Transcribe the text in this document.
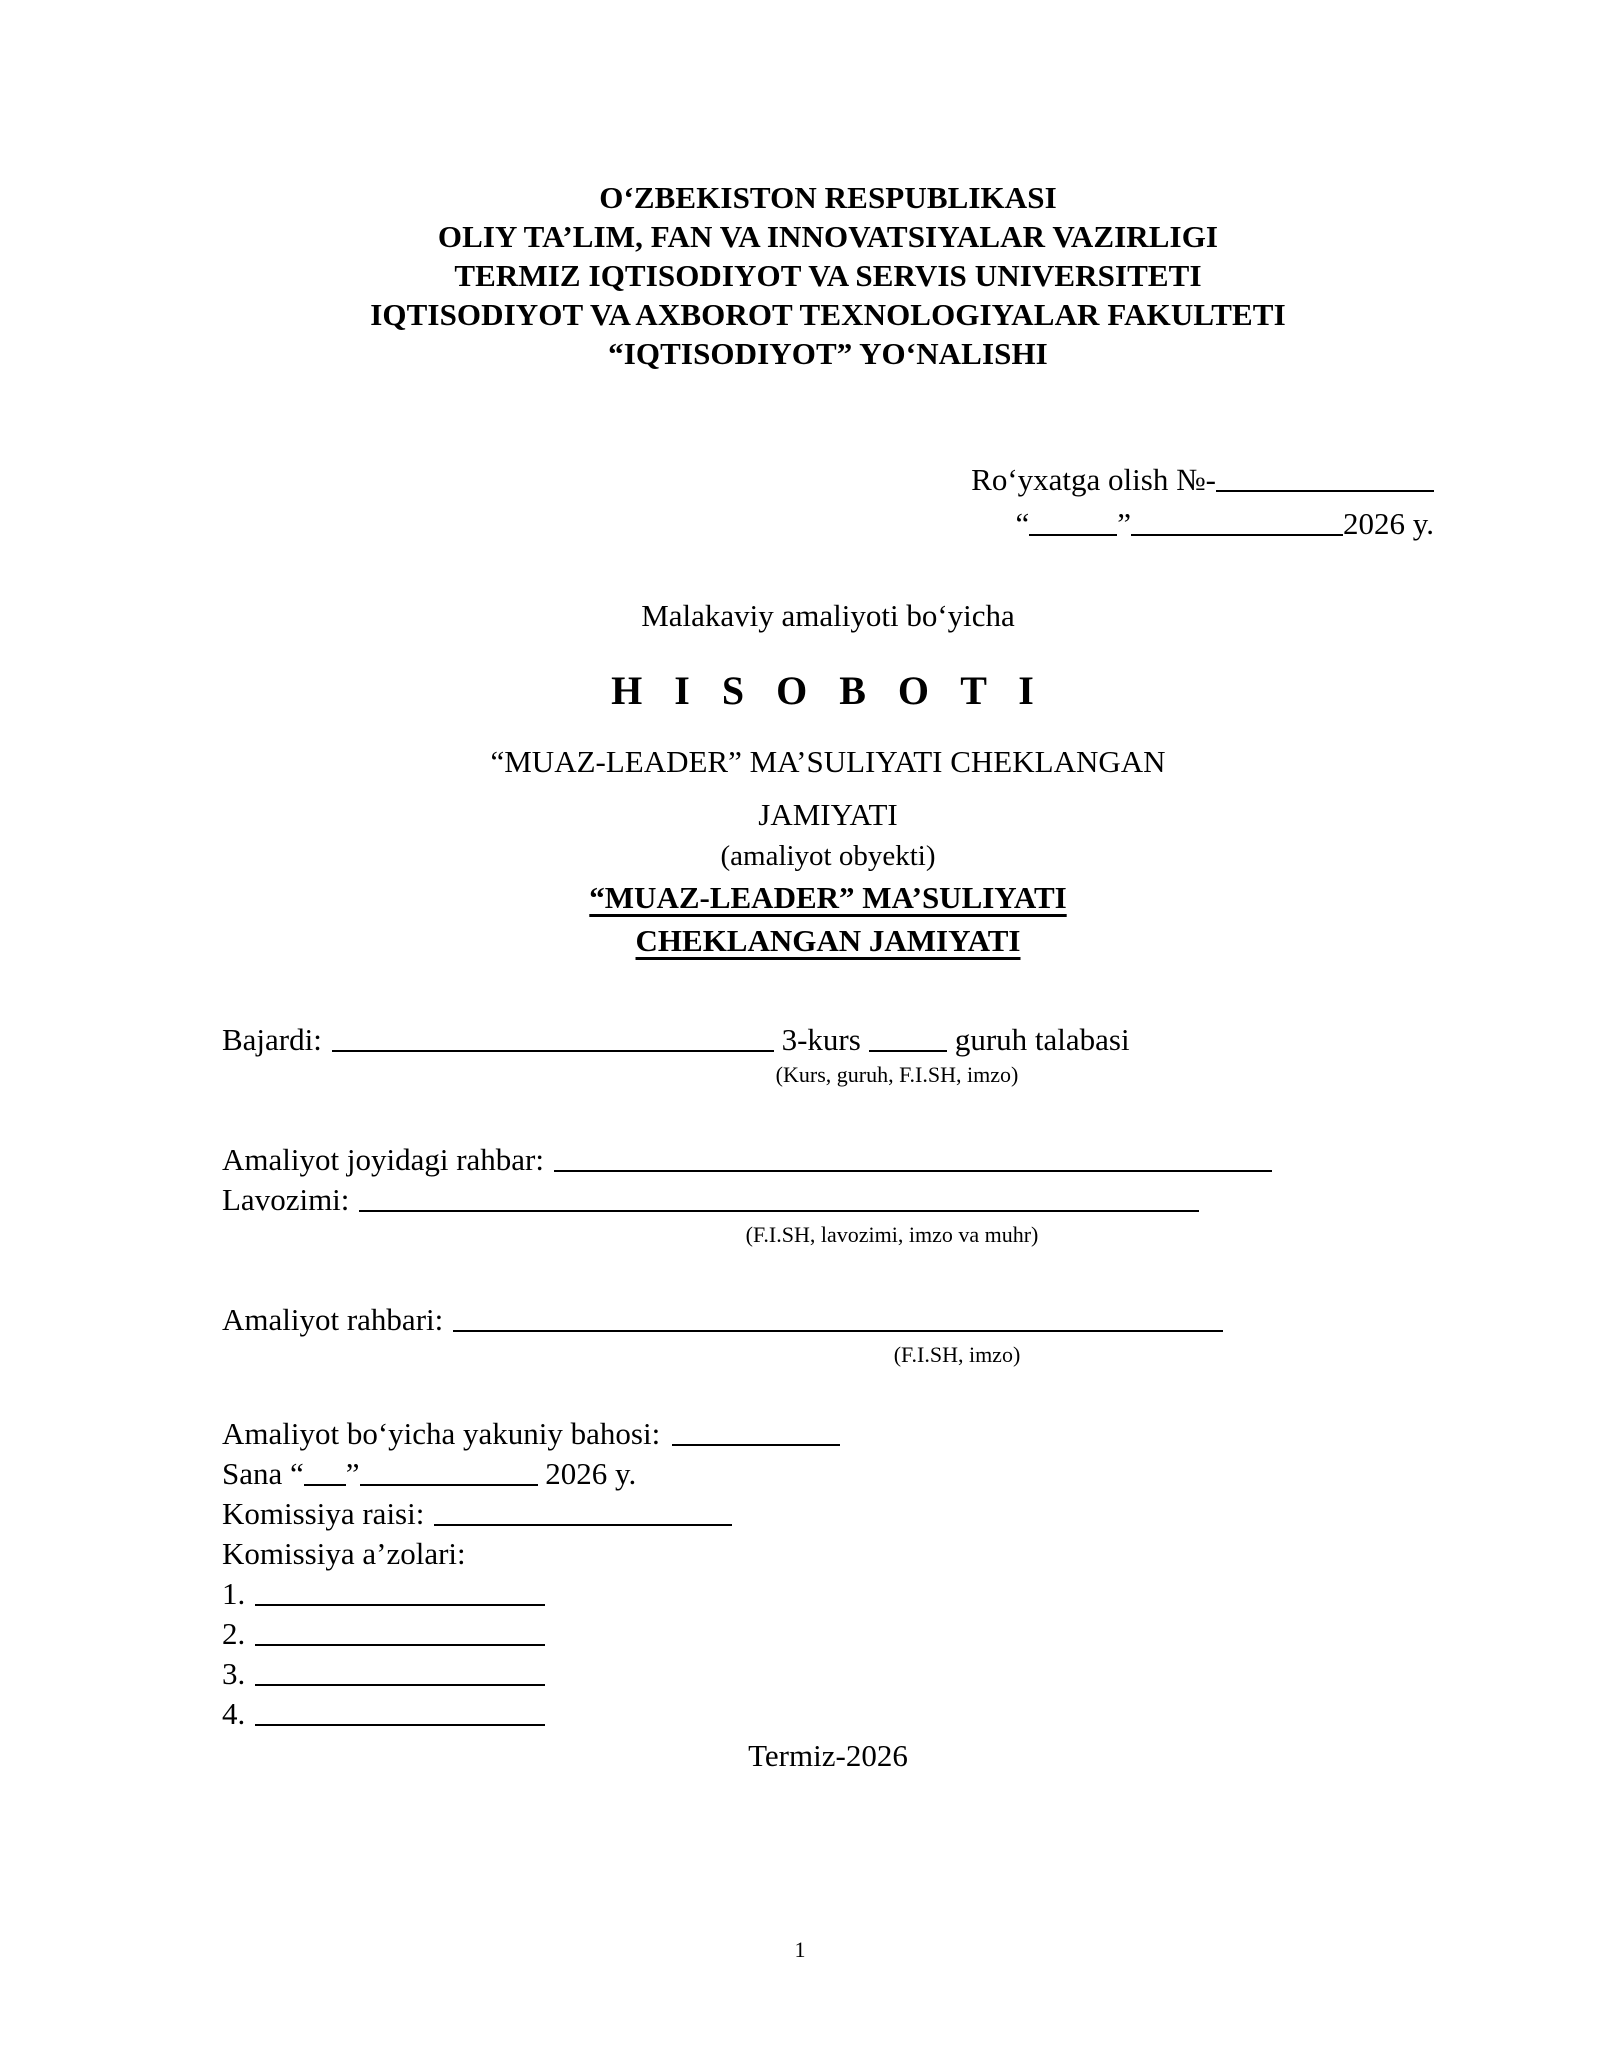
O‘ZBEKISTON RESPUBLIKASI
OLIY TA’LIM, FAN VA INNOVATSIYALAR VAZIRLIGI
TERMIZ IQTISODIYOT VA SERVIS UNIVERSITETI
IQTISODIYOT VA AXBOROT TEXNOLOGIYALAR FAKULTETI
“IQTISODIYOT” YO‘NALISHI
Ro‘yxatga olish №-
“	”	2026 y.
Malakaviy amaliyoti bo‘yicha
H I S O B O T I
“MUAZ-LEADER” MA’SULIYATI CHEKLANGAN
JAMIYATI
(amaliyot obyekti)
“MUAZ-LEADER” MA’SULIYATI
CHEKLANGAN JAMIYATI
Bajardi:	3-kurs	guruh talabasi
(Kurs, guruh, F.I.SH, imzo)
Amaliyot joyidagi rahbar:
Lavozimi:
(F.I.SH, lavozimi, imzo va muhr)
Amaliyot rahbari:
(F.I.SH, imzo)
Amaliyot bo‘yicha yakuniy bahosi:
Sana “ ”	2026 y.
Komissiya raisi:
Komissiya a’zolari:
1.
2.
3.
4.
Termiz-2026
1
